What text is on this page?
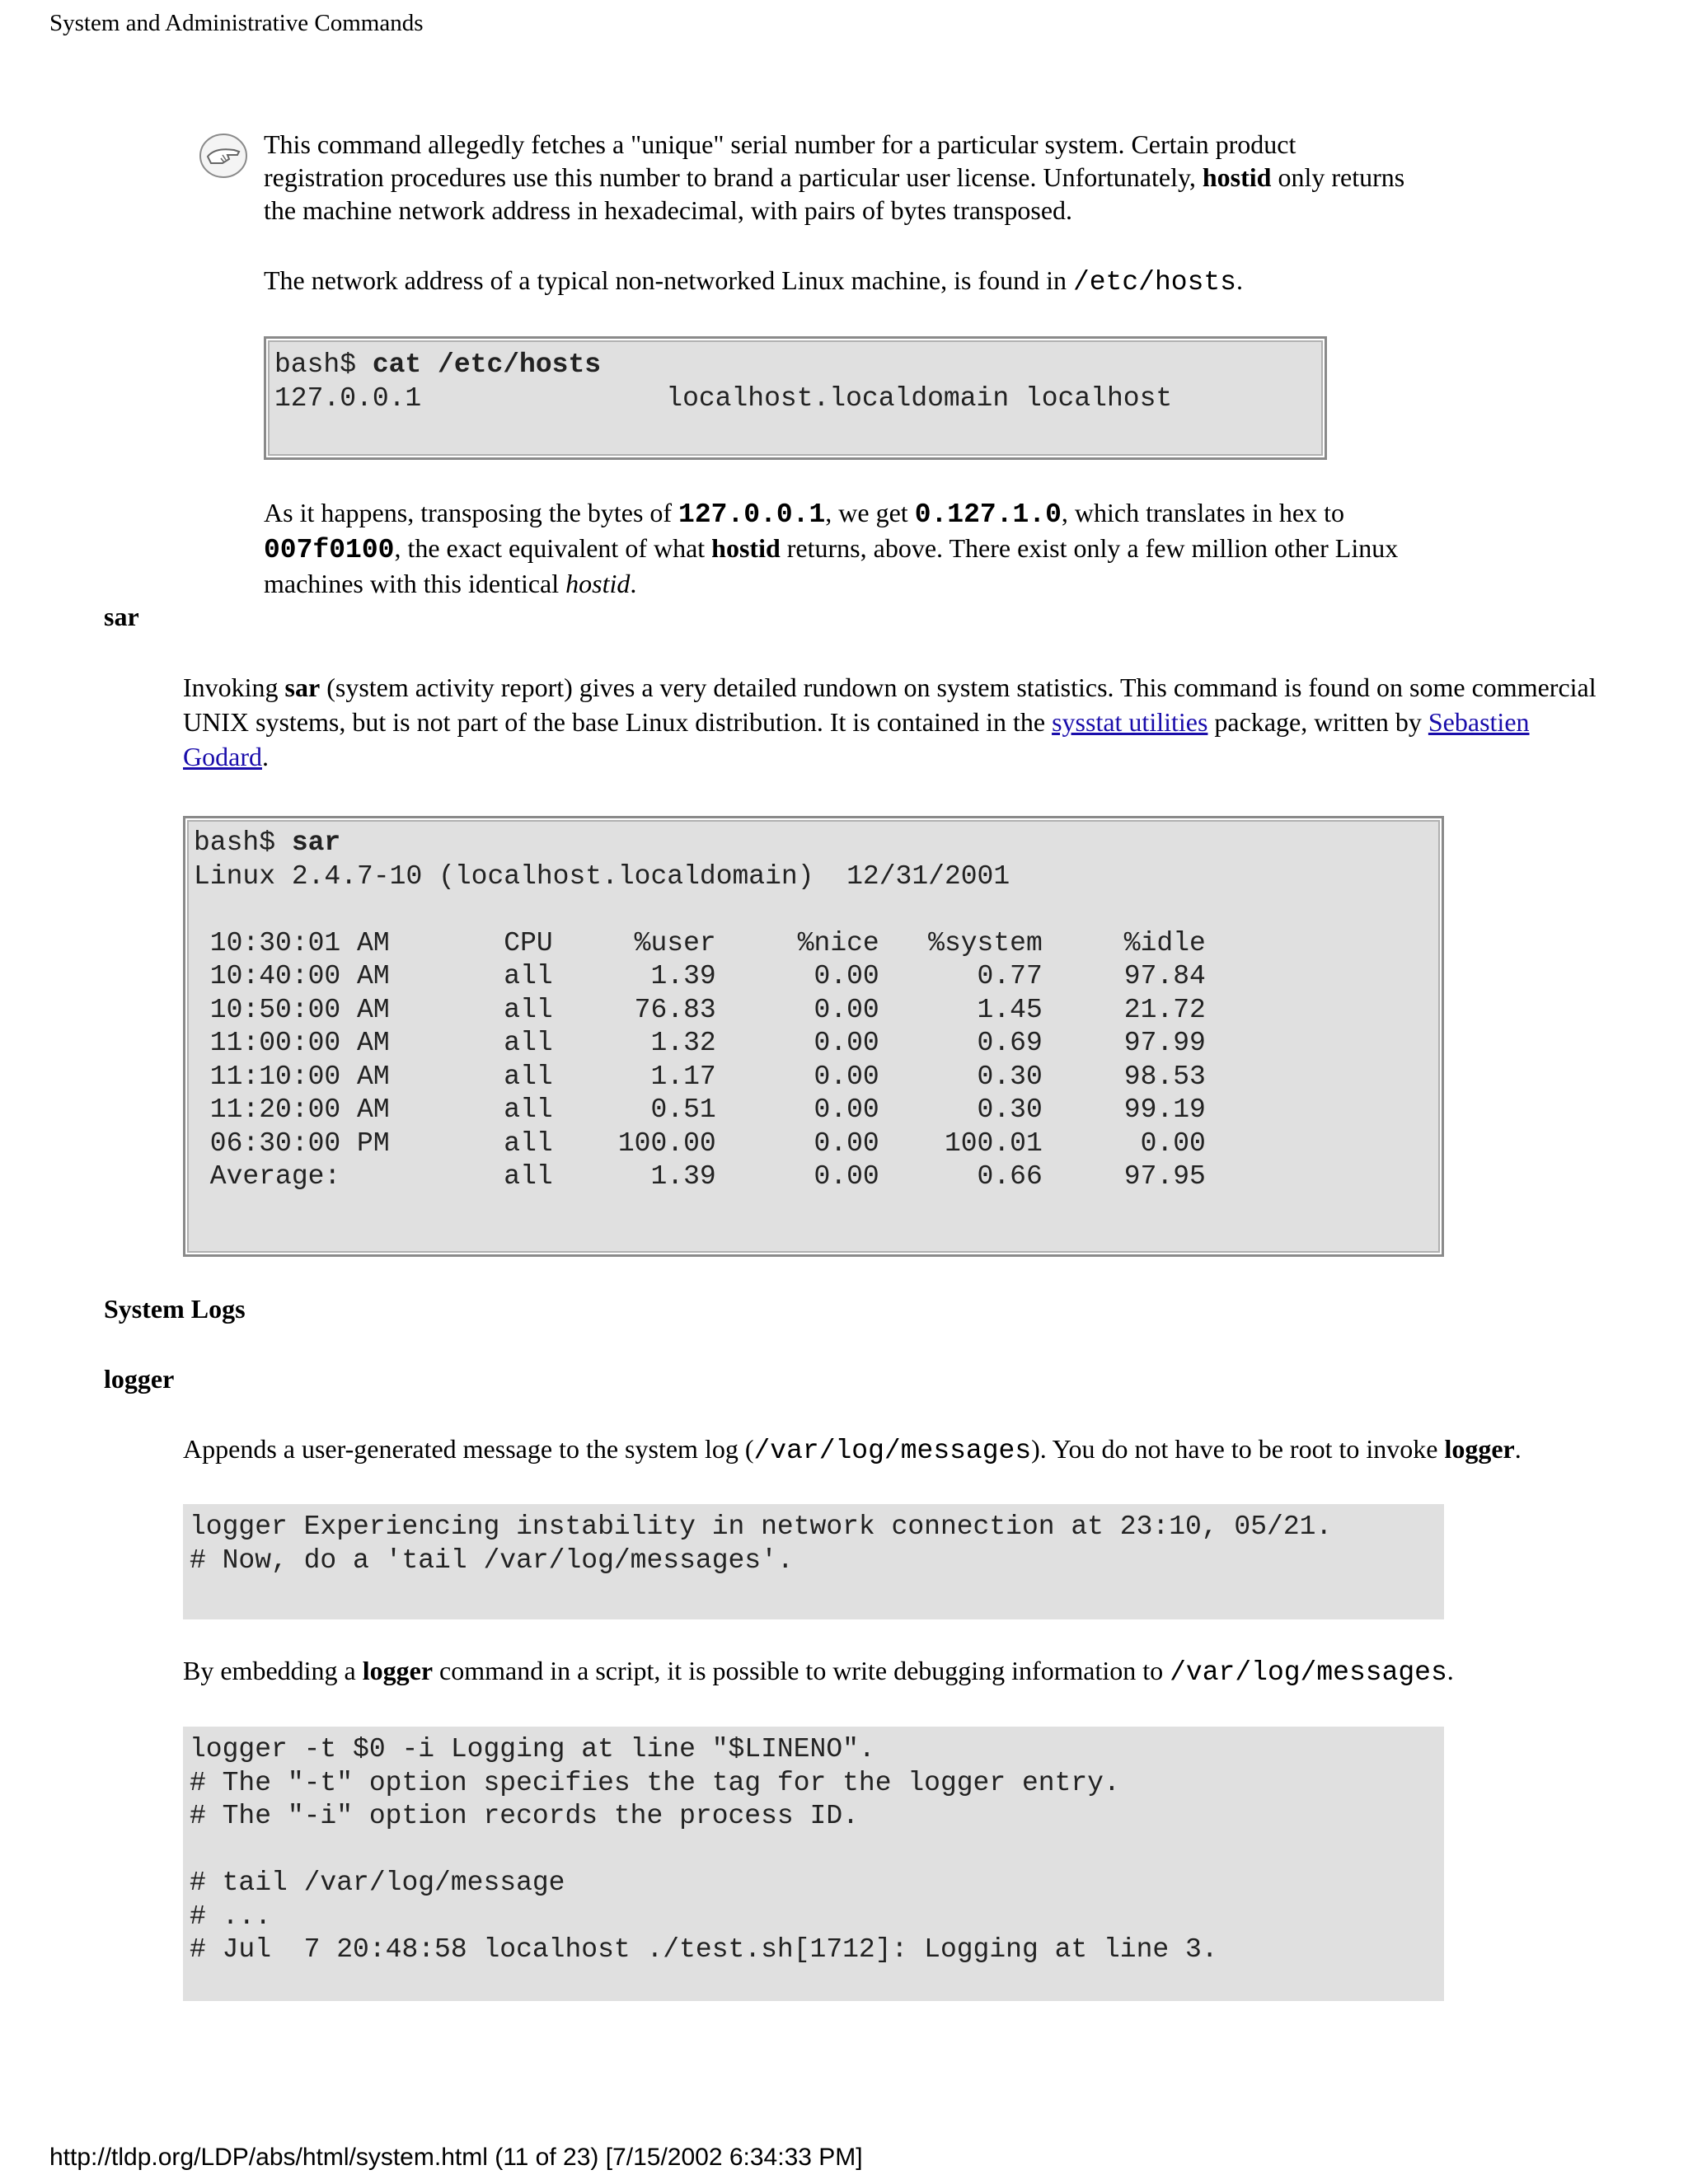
System and Administrative Commands

This command allegedly fetches a "unique" serial number for a particular system. Certain product registration procedures use this number to brand a particular user license. Unfortunately, hostid only returns the machine network address in hexadecimal, with pairs of bytes transposed.

The network address of a typical non-networked Linux machine, is found in /etc/hosts.

bash$ cat /etc/hosts
127.0.0.1               localhost.localdomain localhost

As it happens, transposing the bytes of 127.0.0.1, we get 0.127.1.0, which translates in hex to 007f0100, the exact equivalent of what hostid returns, above. There exist only a few million other Linux machines with this identical hostid.

sar

Invoking sar (system activity report) gives a very detailed rundown on system statistics. This command is found on some commercial UNIX systems, but is not part of the base Linux distribution. It is contained in the sysstat utilities package, written by Sebastien Godard.

bash$ sar
Linux 2.4.7-10 (localhost.localdomain)  12/31/2001

10:30:01 AM       CPU     %user     %nice   %system     %idle
10:40:00 AM       all      1.39      0.00      0.77     97.84
10:50:00 AM       all     76.83      0.00      1.45     21.72
11:00:00 AM       all      1.32      0.00      0.69     97.99
11:10:00 AM       all      1.17      0.00      0.30     98.53
11:20:00 AM       all      0.51      0.00      0.30     99.19
06:30:00 PM       all    100.00      0.00    100.01      0.00
Average:          all      1.39      0.00      0.66     97.95
System Logs
logger

Appends a user-generated message to the system log (/var/log/messages). You do not have to be root to invoke logger.

logger Experiencing instability in network connection at 23:10, 05/21.
# Now, do a 'tail /var/log/messages'.

By embedding a logger command in a script, it is possible to write debugging information to /var/log/messages.

logger -t $0 -i Logging at line "$LINENO".
# The "-t" option specifies the tag for the logger entry.
# The "-i" option records the process ID.

# tail /var/log/message
# ...
# Jul  7 20:48:58 localhost ./test.sh[1712]: Logging at line 3.
http://tldp.org/LDP/abs/html/system.html (11 of 23) [7/15/2002 6:34:33 PM]
